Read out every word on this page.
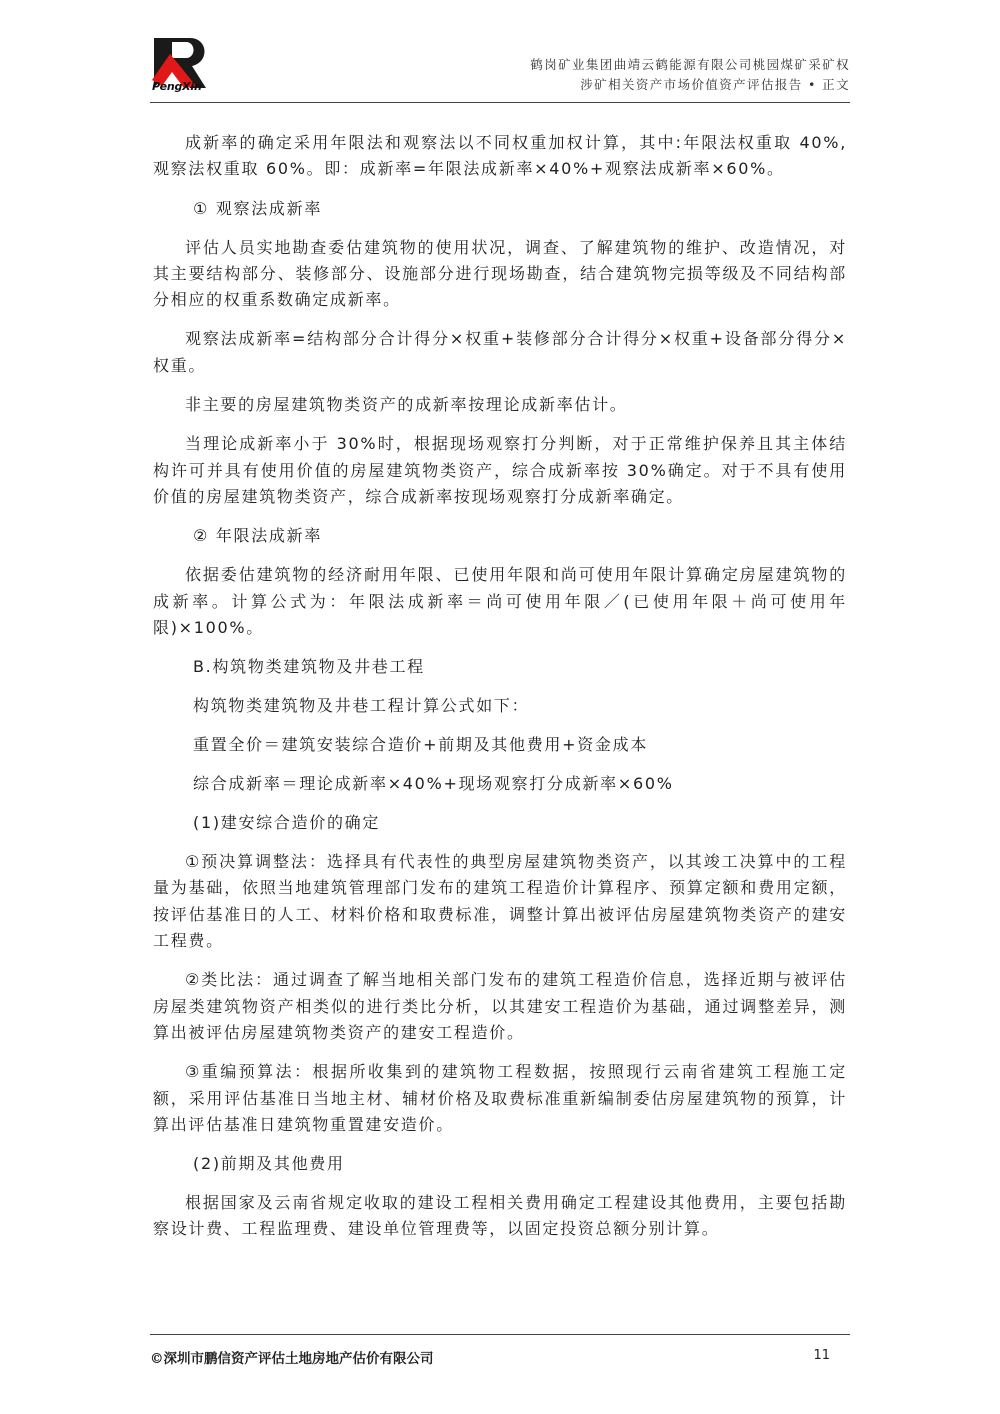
PengXin
鹤岗矿业集团曲靖云鹤能源有限公司桃园煤矿采矿权
涉矿相关资产市场价值资产评估报告 • 正文

成新率的确定采用年限法和观察法以不同权重加权计算，其中:年限法权重取 40%,观察法权重取 60%。即：成新率=年限法成新率×40%+观察法成新率×60%。

① 观察法成新率

评估人员实地勘查委估建筑物的使用状况，调查、了解建筑物的维护、改造情况，对其主要结构部分、装修部分、设施部分进行现场勘查，结合建筑物完损等级及不同结构部分相应的权重系数确定成新率。

观察法成新率=结构部分合计得分×权重+装修部分合计得分×权重+设备部分得分×权重。

非主要的房屋建筑物类资产的成新率按理论成新率估计。

当理论成新率小于 30%时，根据现场观察打分判断，对于正常维护保养且其主体结构许可并具有使用价值的房屋建筑物类资产，综合成新率按 30%确定。对于不具有使用价值的房屋建筑物类资产，综合成新率按现场观察打分成新率确定。

② 年限法成新率

依据委估建筑物的经济耐用年限、已使用年限和尚可使用年限计算确定房屋建筑物的成新率。计算公式为：年限法成新率＝尚可使用年限／(已使用年限＋尚可使用年限)×100%。

B.构筑物类建筑物及井巷工程
构筑物类建筑物及井巷工程计算公式如下：
重置全价＝建筑安装综合造价+前期及其他费用+资金成本
综合成新率＝理论成新率×40%+现场观察打分成新率×60%
(1)建安综合造价的确定

①预决算调整法：选择具有代表性的典型房屋建筑物类资产，以其竣工决算中的工程量为基础，依照当地建筑管理部门发布的建筑工程造价计算程序、预算定额和费用定额，按评估基准日的人工、材料价格和取费标准，调整计算出被评估房屋建筑物类资产的建安工程费。

②类比法：通过调查了解当地相关部门发布的建筑工程造价信息，选择近期与被评估房屋类建筑物资产相类似的进行类比分析，以其建安工程造价为基础，通过调整差异，测算出被评估房屋建筑物类资产的建安工程造价。

③重编预算法：根据所收集到的建筑物工程数据，按照现行云南省建筑工程施工定额，采用评估基准日当地主材、辅材价格及取费标准重新编制委估房屋建筑物的预算，计算出评估基准日建筑物重置建安造价。

(2)前期及其他费用

根据国家及云南省规定收取的建设工程相关费用确定工程建设其他费用，主要包括勘察设计费、工程监理费、建设单位管理费等，以固定投资总额分别计算。

©深圳市鹏信资产评估土地房地产估价有限公司	11
